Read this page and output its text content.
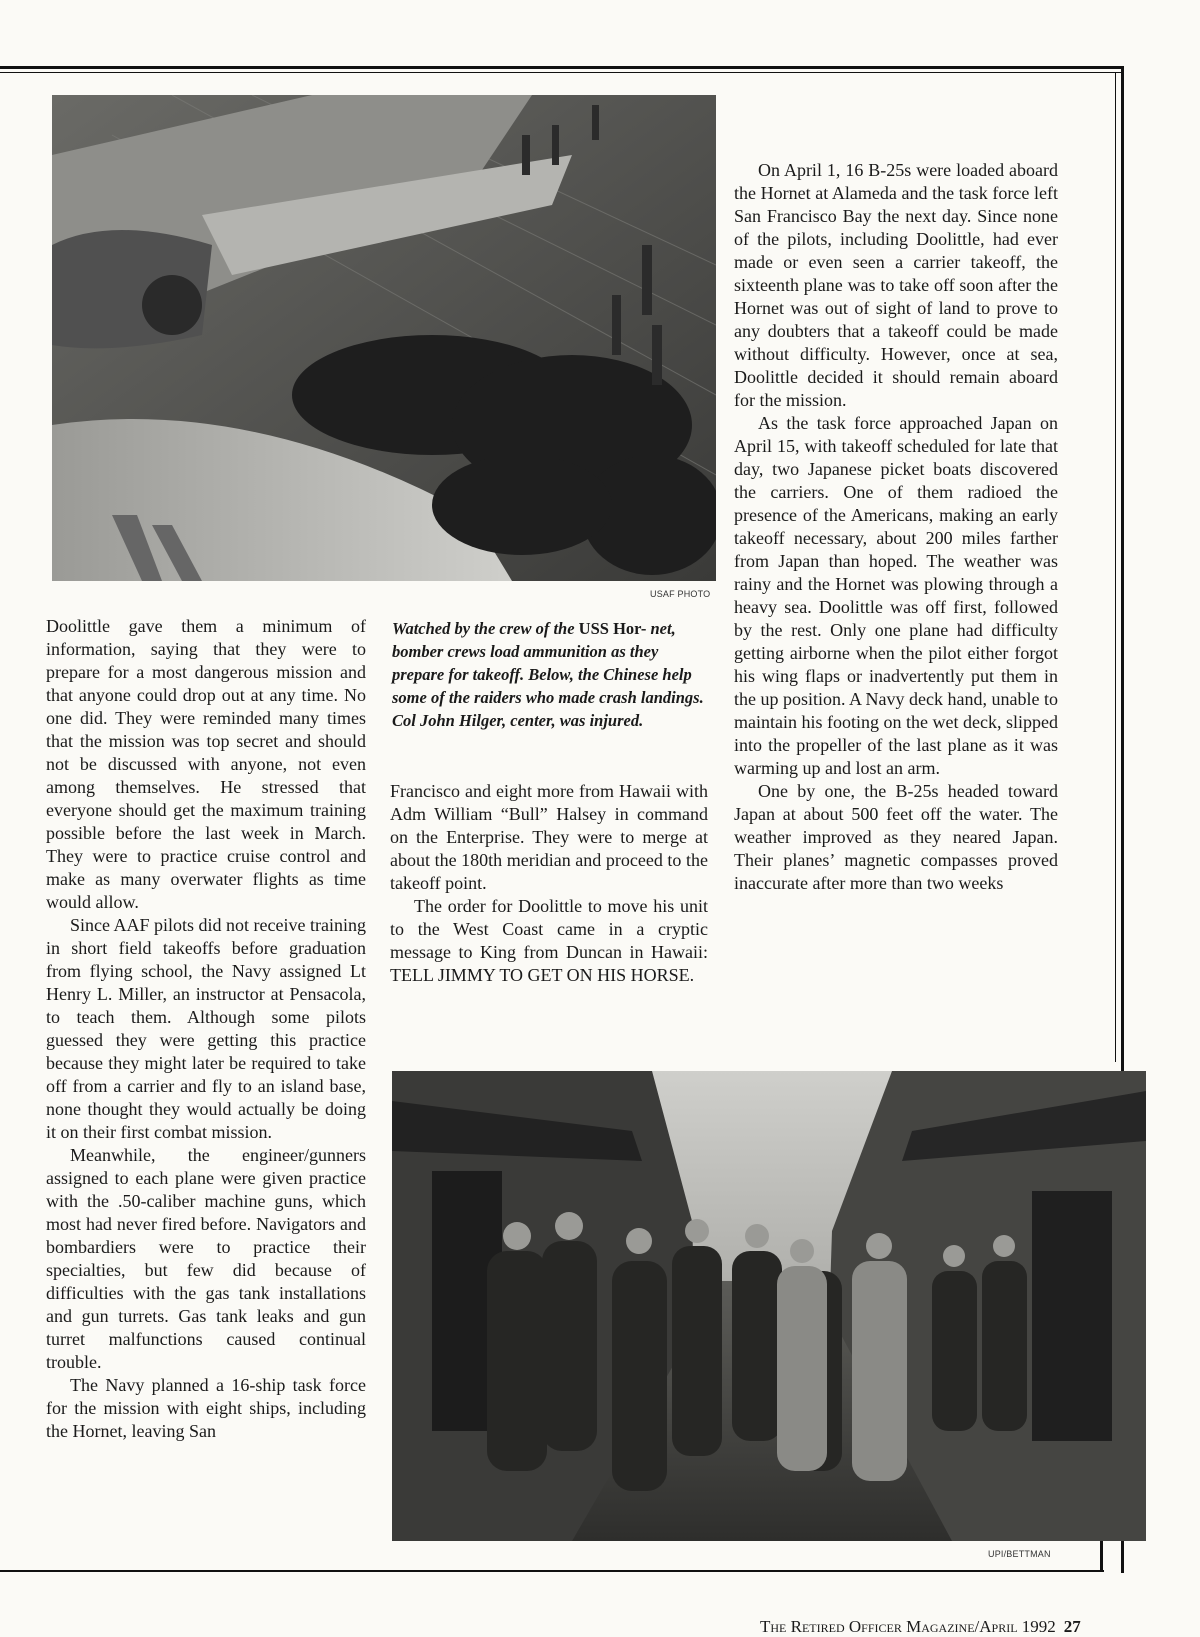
USAF PHOTO
Watched by the crew of the USS Hor- net, bomber crews load ammunition as they prepare for takeoff. Below, the Chinese help some of the raiders who made crash landings. Col John Hilger, center, was injured.

Doolittle gave them a minimum of information, saying that they were to prepare for a most dangerous mission and that anyone could drop out at any time. No one did. They were reminded many times that the mission was top secret and should not be discussed with anyone, not even among themselves. He stressed that everyone should get the maximum training possible before the last week in March. They were to practice cruise control and make as many overwater flights as time would allow.

Since AAF pilots did not receive training in short field takeoffs before graduation from flying school, the Navy assigned Lt Henry L. Miller, an instructor at Pensacola, to teach them. Although some pilots guessed they were getting this practice because they might later be required to take off from a carrier and fly to an island base, none thought they would actually be doing it on their first combat mission.

Meanwhile, the engineer/gunners assigned to each plane were given practice with the .50-caliber machine guns, which most had never fired before. Navigators and bombardiers were to practice their specialties, but few did because of difficulties with the gas tank installations and gun turrets. Gas tank leaks and gun turret malfunctions caused continual trouble.

The Navy planned a 16-ship task force for the mission with eight ships, including the Hornet, leaving San

Francisco and eight more from Hawaii with Adm William “Bull” Halsey in command on the Enterprise. They were to merge at about the 180th meridian and proceed to the takeoff point.

The order for Doolittle to move his unit to the West Coast came in a cryptic message to King from Duncan in Hawaii: TELL JIMMY TO GET ON HIS HORSE.

On April 1, 16 B-25s were loaded aboard the Hornet at Alameda and the task force left San Francisco Bay the next day. Since none of the pilots, including Doolittle, had ever made or even seen a carrier takeoff, the sixteenth plane was to take off soon after the Hornet was out of sight of land to prove to any doubters that a takeoff could be made without difficulty. However, once at sea, Doolittle decided it should remain aboard for the mission.

As the task force approached Japan on April 15, with takeoff scheduled for late that day, two Japanese picket boats discovered the carriers. One of them radioed the presence of the Americans, making an early takeoff necessary, about 200 miles farther from Japan than hoped. The weather was rainy and the Hornet was plowing through a heavy sea. Doolittle was off first, followed by the rest. Only one plane had difficulty getting airborne when the pilot either forgot his wing flaps or inadvertently put them in the up position. A Navy deck hand, unable to maintain his footing on the wet deck, slipped into the propeller of the last plane as it was warming up and lost an arm.

One by one, the B-25s headed toward Japan at about 500 feet off the water. The weather improved as they neared Japan. Their planes’ magnetic compasses proved inaccurate after more than two weeks

UPI/BETTMAN
The Retired Officer Magazine/April 1992 27
